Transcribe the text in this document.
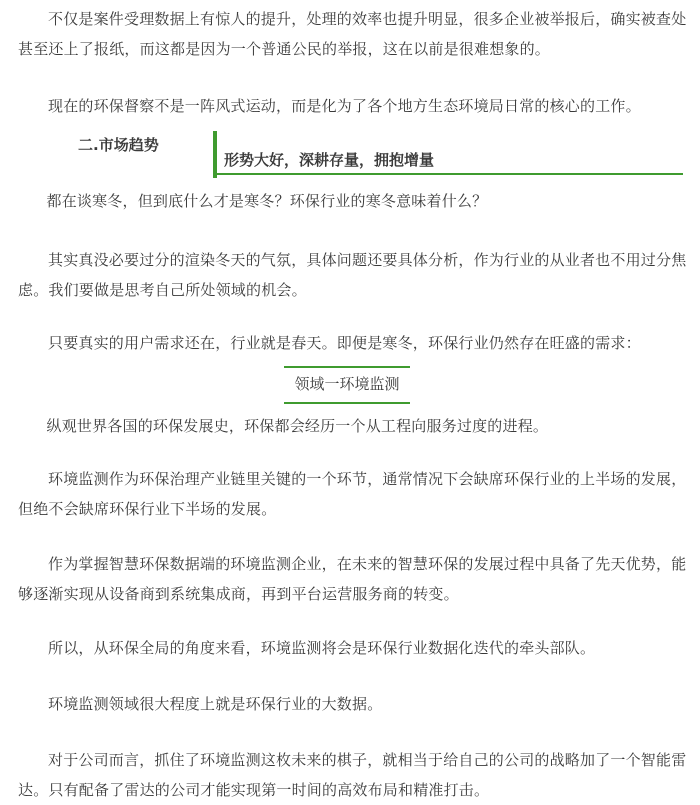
不仅是案件受理数据上有惊人的提升，处理的效率也提升明显，很多企业被举报后，确实被查处甚至还上了报纸，而这都是因为一个普通公民的举报，这在以前是很难想象的。

现在的环保督察不是一阵风式运动，而是化为了各个地方生态环境局日常的核心的工作。

二.市场趋势
形势大好，深耕存量，拥抱增量

都在谈寒冬，但到底什么才是寒冬？环保行业的寒冬意味着什么？

其实真没必要过分的渲染冬天的气氛，具体问题还要具体分析，作为行业的从业者也不用过分焦虑。我们要做是思考自己所处领域的机会。

只要真实的用户需求还在，行业就是春天。即便是寒冬，环保行业仍然存在旺盛的需求：

领域一环境监测

纵观世界各国的环保发展史，环保都会经历一个从工程向服务过度的进程。

环境监测作为环保治理产业链里关键的一个环节，通常情况下会缺席环保行业的上半场的发展，但绝不会缺席环保行业下半场的发展。

作为掌握智慧环保数据端的环境监测企业，在未来的智慧环保的发展过程中具备了先天优势，能够逐渐实现从设备商到系统集成商，再到平台运营服务商的转变。

所以，从环保全局的角度来看，环境监测将会是环保行业数据化迭代的牵头部队。

环境监测领域很大程度上就是环保行业的大数据。

对于公司而言，抓住了环境监测这枚未来的棋子，就相当于给自己的公司的战略加了一个智能雷达。只有配备了雷达的公司才能实现第一时间的高效布局和精准打击。
